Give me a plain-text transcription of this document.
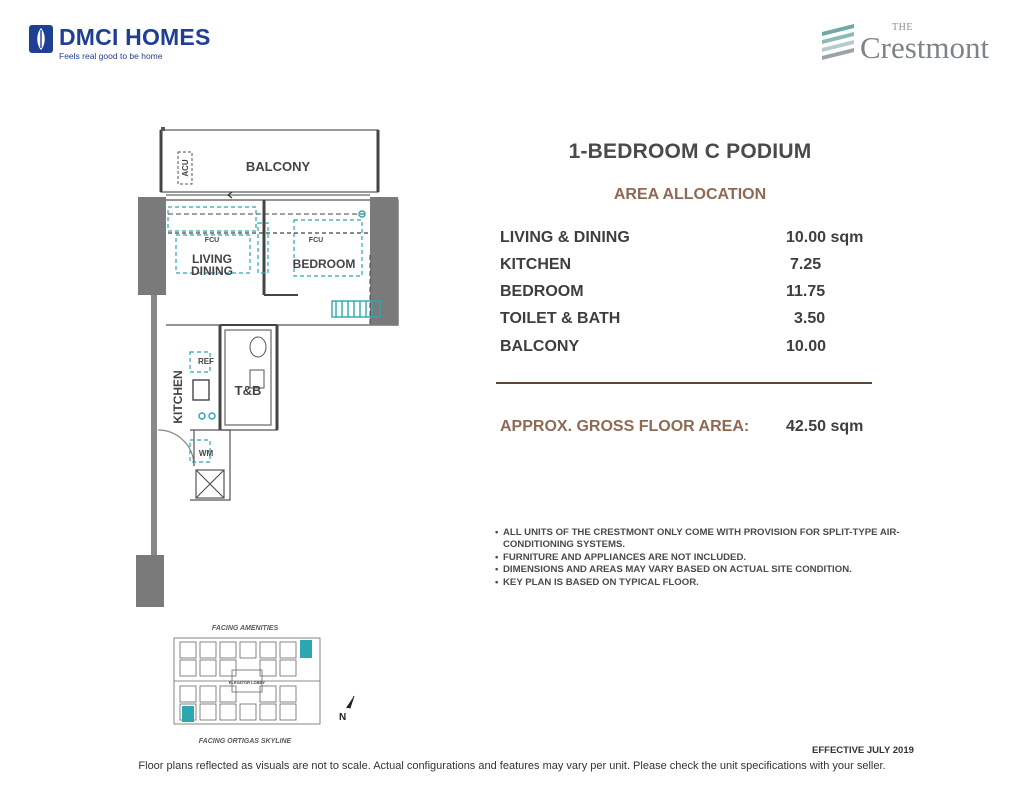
DMCI HOMES
Feels real good to be home
THE
Crestmont
BALCONY
ACU
LIVING
DINING	BEDROOM
FCU	FCU
KITCHEN	T&B
REF
WM
1-BEDROOM C PODIUM
AREA ALLOCATION
LIVING & DINING	10.00 sqm
KITCHEN	7.25
BEDROOM	11.75
TOILET & BATH	3.50
BALCONY	10.00
APPROX. GROSS FLOOR AREA: 42.50 sqm
• ALL UNITS OF THE CRESTMONT ONLY COME WITH PROVISION FOR SPLIT-TYPE AIR-CONDITIONING SYSTEMS.
• FURNITURE AND APPLIANCES ARE NOT INCLUDED.
• DIMENSIONS AND AREAS MAY VARY BASED ON ACTUAL SITE CONDITION.
• KEY PLAN IS BASED ON TYPICAL FLOOR.
FACING AMENITIES
ELEVATOR LOBBY
FACING ORTIGAS SKYLINE
N
EFFECTIVE JULY 2019
Floor plans reflected as visuals are not to scale. Actual configurations and features may vary per unit. Please check the unit specifications with your seller.
